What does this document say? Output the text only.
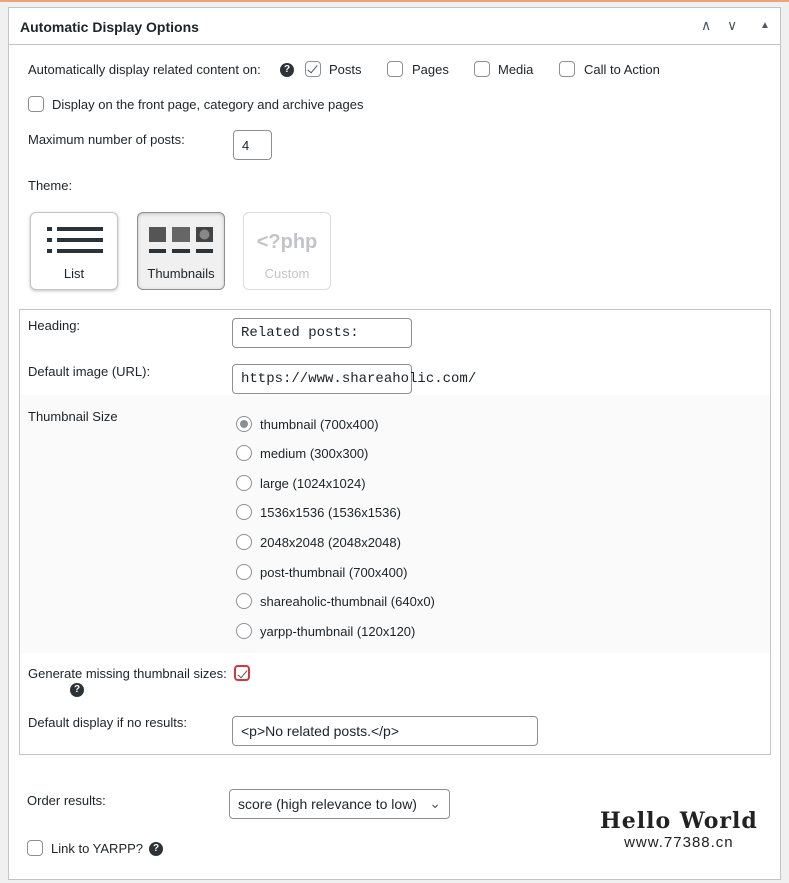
Automatic Display Options	∧ ∨ ▲
Automatically display related content on:	?	Posts	Pages	Media	Call to Action
Display on the front page, category and archive pages
Maximum number of posts:	4
Theme:
List	Thumbnails
<?php
Custom
Heading:	Related posts:
Default image (URL):	https://www.shareaholic.com/
Thumbnail Size
thumbnail (700x400)
medium (300x300)
large (1024x1024)
1536x1536 (1536x1536)
2048x2048 (2048x2048)
post-thumbnail (700x400)
shareaholic-thumbnail (640x0)
yarpp-thumbnail (120x120)
Generate missing thumbnail sizes:
?
Default display if no results:
<p>No related posts.</p>
Order results:	score (high relevance to low) ⌄
Link to YARPP? ?
Hello World
www.77388.cn
